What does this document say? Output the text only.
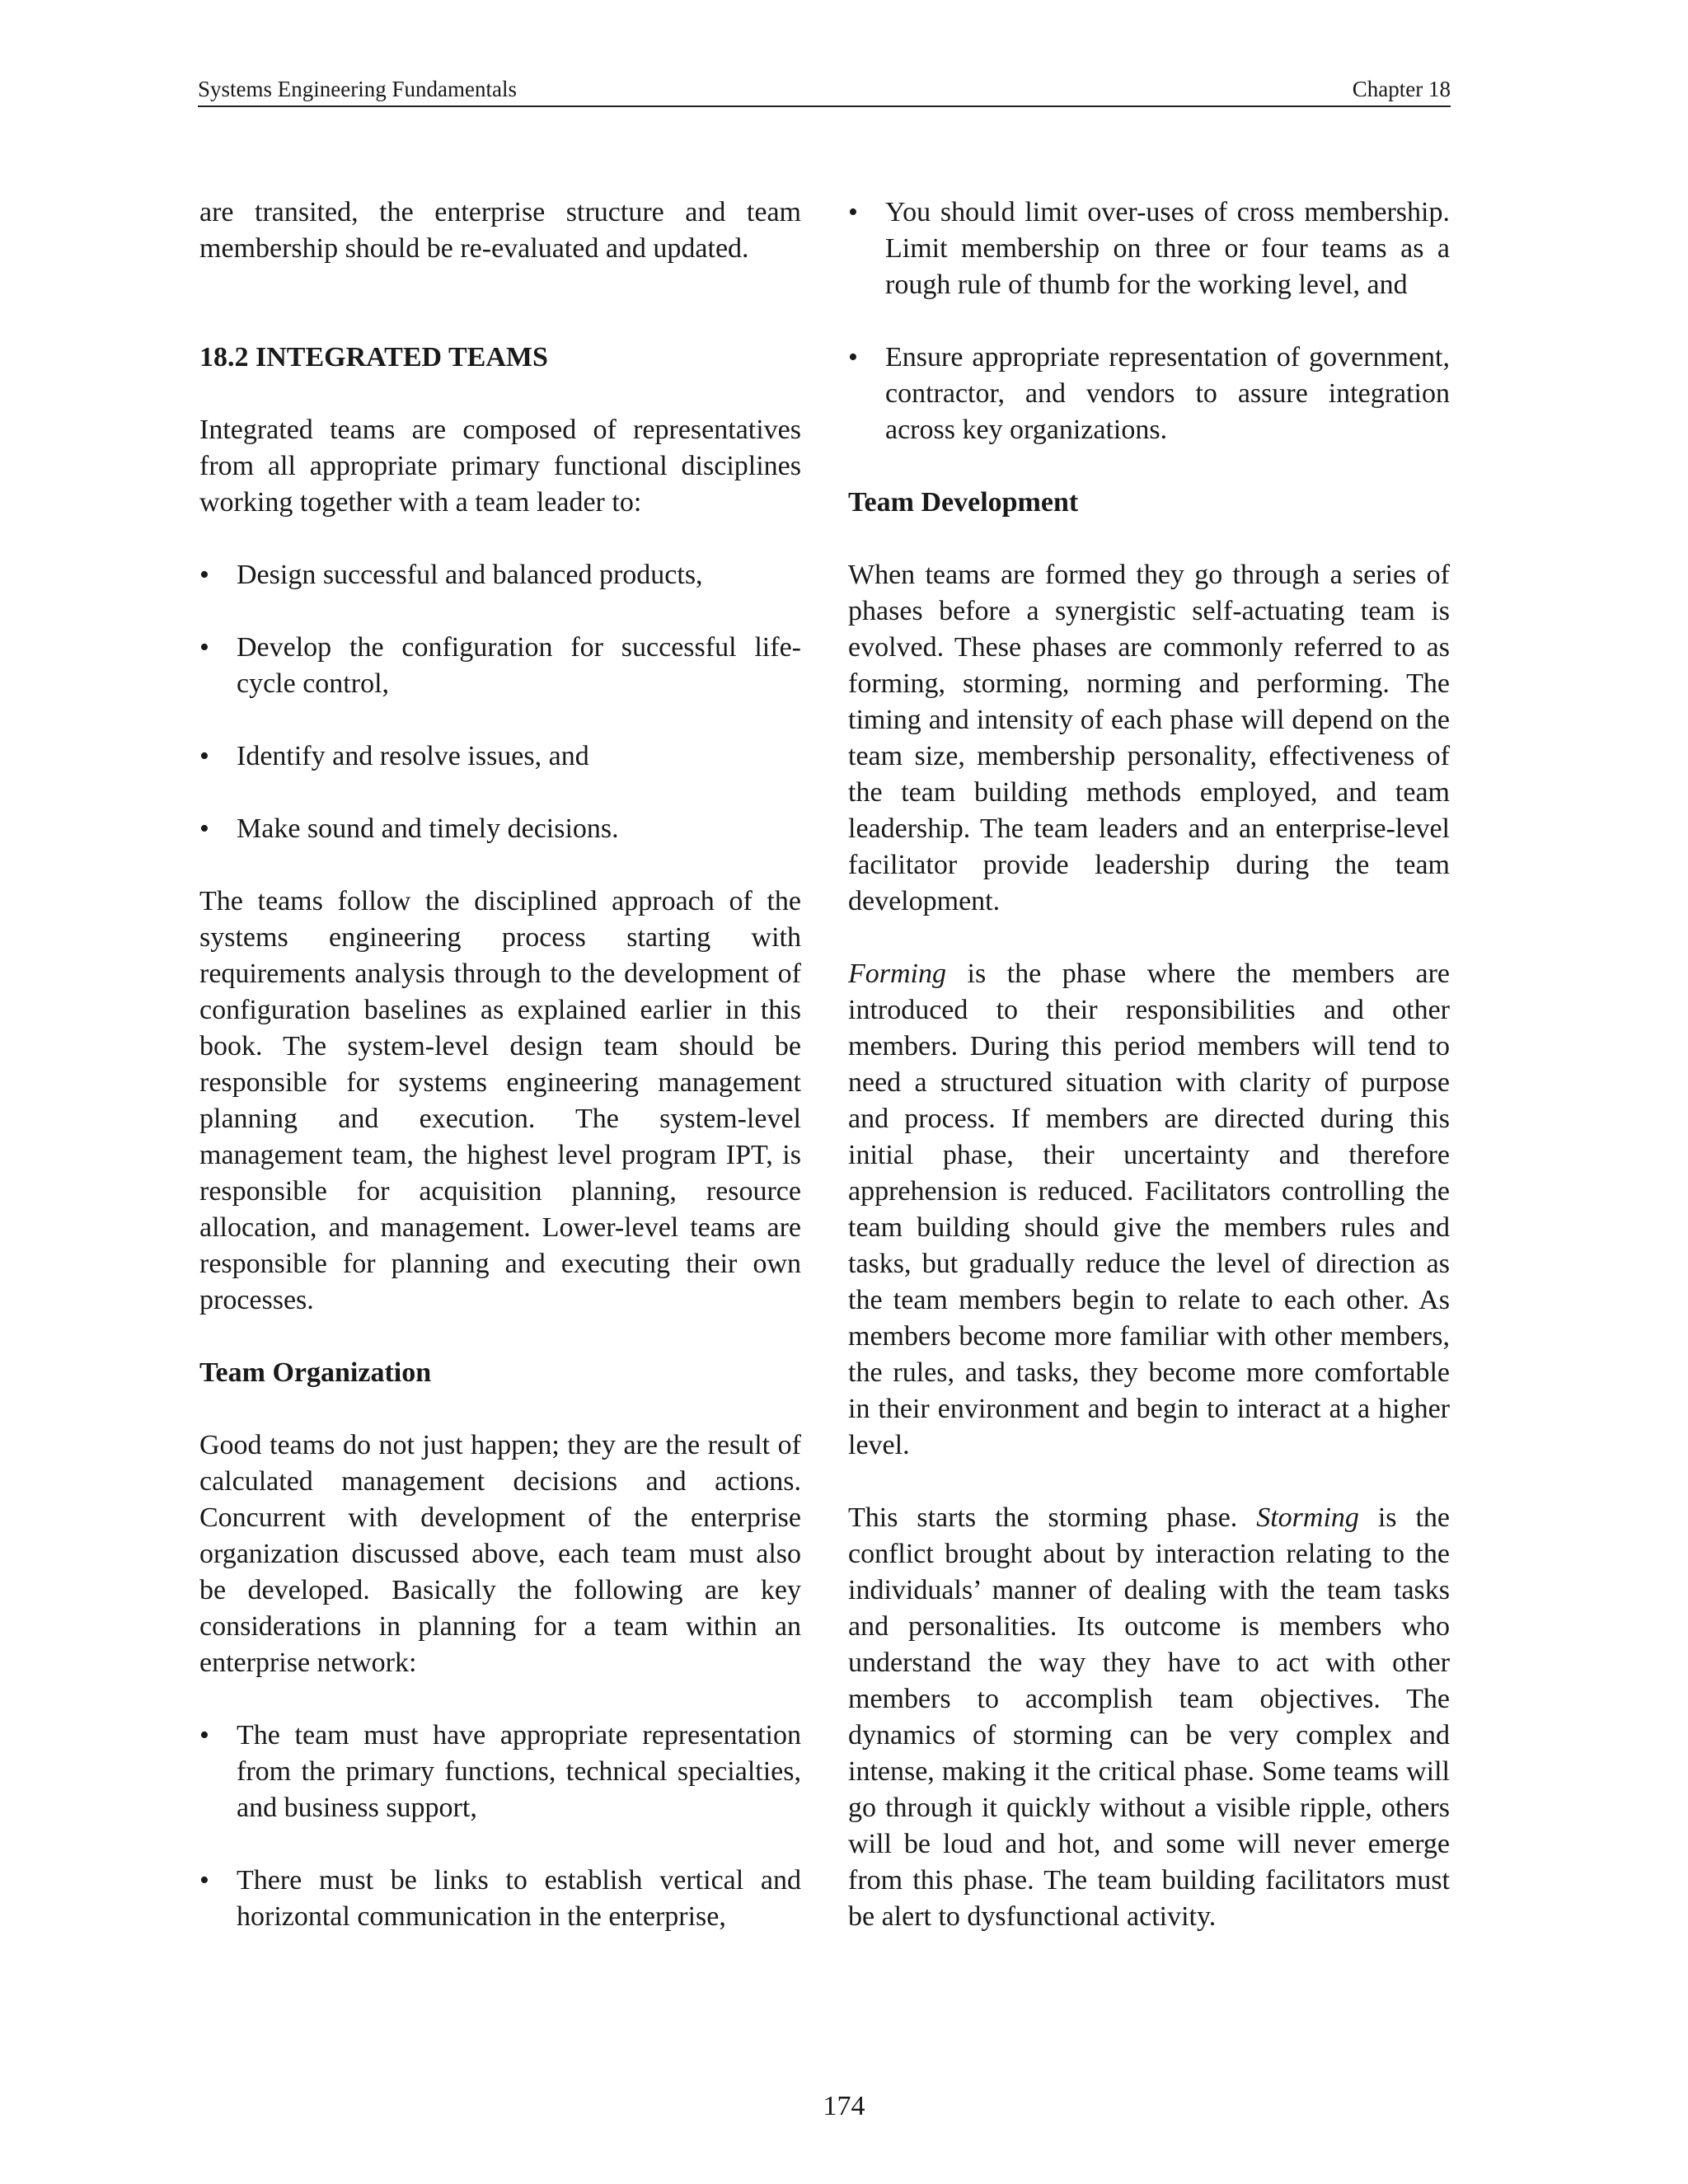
Systems Engineering Fundamentals	Chapter 18

are transited, the enterprise structure and team membership should be re-evaluated and updated.

18.2 INTEGRATED TEAMS

Integrated teams are composed of representatives from all appropriate primary functional disciplines working together with a team leader to:

• Design successful and balanced products,
• Develop the configuration for successful life-cycle control,
• Identify and resolve issues, and
• Make sound and timely decisions.

The teams follow the disciplined approach of the systems engineering process starting with requirements analysis through to the development of configuration baselines as explained earlier in this book. The system-level design team should be responsible for systems engineering management planning and execution. The system-level management team, the highest level program IPT, is responsible for acquisition planning, resource allocation, and management. Lower-level teams are responsible for planning and executing their own processes.

Team Organization

Good teams do not just happen; they are the result of calculated management decisions and actions. Concurrent with development of the enterprise organization discussed above, each team must also be developed. Basically the following are key considerations in planning for a team within an enterprise network:

• The team must have appropriate representation from the primary functions, technical specialties, and business support,
• There must be links to establish vertical and horizontal communication in the enterprise,
• You should limit over-uses of cross membership. Limit membership on three or four teams as a rough rule of thumb for the working level, and
• Ensure appropriate representation of government, contractor, and vendors to assure integration across key organizations.
Team Development

When teams are formed they go through a series of phases before a synergistic self-actuating team is evolved. These phases are commonly referred to as forming, storming, norming and performing. The timing and intensity of each phase will depend on the team size, membership personality, effectiveness of the team building methods employed, and team leadership. The team leaders and an enterprise-level facilitator provide leadership during the team development.

Forming is the phase where the members are introduced to their responsibilities and other members. During this period members will tend to need a structured situation with clarity of purpose and process. If members are directed during this initial phase, their uncertainty and therefore apprehension is reduced. Facilitators controlling the team building should give the members rules and tasks, but gradually reduce the level of direction as the team members begin to relate to each other. As members become more familiar with other members, the rules, and tasks, they become more comfortable in their environment and begin to interact at a higher level.

This starts the storming phase. Storming is the conflict brought about by interaction relating to the individuals’ manner of dealing with the team tasks and personalities. Its outcome is members who understand the way they have to act with other members to accomplish team objectives. The dynamics of storming can be very complex and intense, making it the critical phase. Some teams will go through it quickly without a visible ripple, others will be loud and hot, and some will never emerge from this phase. The team building facilitators must be alert to dysfunctional activity.

174
